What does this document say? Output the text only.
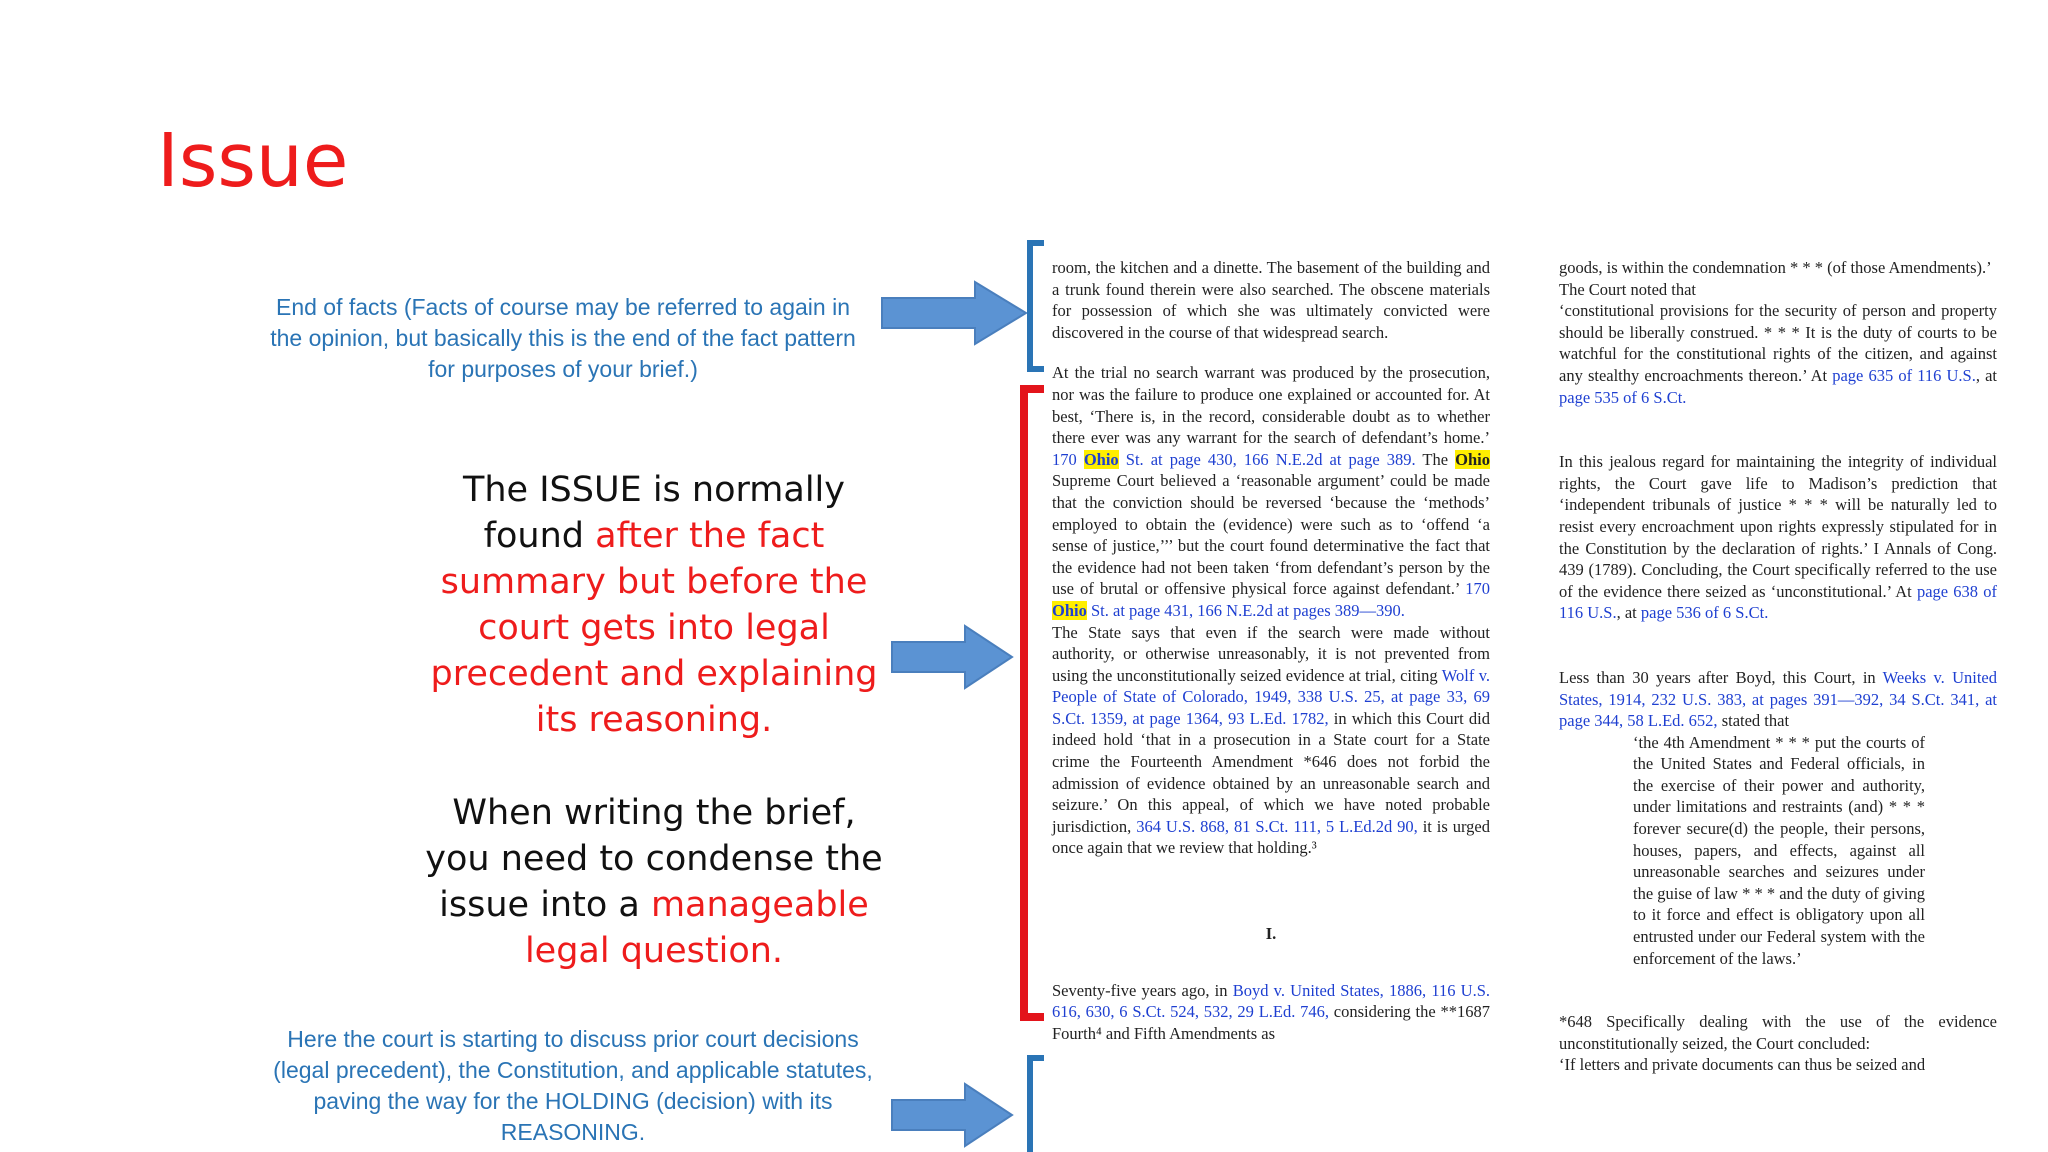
Issue
End of facts (Facts of course may be referred to again in the opinion, but basically this is the end of the fact pattern for purposes of your brief.)
The ISSUE is normally found after the fact summary but before the court gets into legal precedent and explaining its reasoning.
When writing the brief, you need to condense the issue into a manageable legal question.
Here the court is starting to discuss prior court decisions (legal precedent), the Constitution, and applicable statutes, paving the way for the HOLDING (decision) with its REASONING.

room, the kitchen and a dinette. The basement of the building and a trunk found therein were also searched. The obscene materials for possession of which she was ultimately convicted were discovered in the course of that widespread search.

At the trial no search warrant was produced by the prosecution, nor was the failure to produce one explained or accounted for. At best, ‘There is, in the record, considerable doubt as to whether there ever was any warrant for the search of defendant’s home.’ 170 Ohio St. at page 430, 166 N.E.2d at page 389. The Ohio Supreme Court believed a ‘reasonable argument’ could be made that the conviction should be reversed ‘because the ‘methods’ employed to obtain the (evidence) were such as to ‘offend ‘a sense of justice,’’’ but the court found determinative the fact that the evidence had not been taken ‘from defendant’s person by the use of brutal or offensive physical force against defendant.’ 170 Ohio St. at page 431, 166 N.E.2d at pages 389—390.

The State says that even if the search were made without authority, or otherwise unreasonably, it is not prevented from using the unconstitutionally seized evidence at trial, citing Wolf v. People of State of Colorado, 1949, 338 U.S. 25, at page 33, 69 S.Ct. 1359, at page 1364, 93 L.Ed. 1782, in which this Court did indeed hold ‘that in a prosecution in a State court for a State crime the Fourteenth Amendment *646 does not forbid the admission of evidence obtained by an unreasonable search and seizure.’ On this appeal, of which we have noted probable jurisdiction, 364 U.S. 868, 81 S.Ct. 111, 5 L.Ed.2d 90, it is urged once again that we review that holding.³

I.

Seventy-five years ago, in Boyd v. United States, 1886, 116 U.S. 616, 630, 6 S.Ct. 524, 532, 29 L.Ed. 746, considering the **1687 Fourth⁴ and Fifth Amendments as

goods, is within the condemnation * * * (of those Amendments).’

The Court noted that

‘constitutional provisions for the security of person and property should be liberally construed. * * * It is the duty of courts to be watchful for the constitutional rights of the citizen, and against any stealthy encroachments thereon.’ At page 635 of 116 U.S., at page 535 of 6 S.Ct.

In this jealous regard for maintaining the integrity of individual rights, the Court gave life to Madison’s prediction that ‘independent tribunals of justice * * * will be naturally led to resist every encroachment upon rights expressly stipulated for in the Constitution by the declaration of rights.’ I Annals of Cong. 439 (1789). Concluding, the Court specifically referred to the use of the evidence there seized as ‘unconstitutional.’ At page 638 of 116 U.S., at page 536 of 6 S.Ct.

Less than 30 years after Boyd, this Court, in Weeks v. United States, 1914, 232 U.S. 383, at pages 391—392, 34 S.Ct. 341, at page 344, 58 L.Ed. 652, stated that

‘the 4th Amendment * * * put the courts of the United States and Federal officials, in the exercise of their power and authority, under limitations and restraints (and) * * * forever secure(d) the people, their persons, houses, papers, and effects, against all unreasonable searches and seizures under the guise of law * * * and the duty of giving to it force and effect is obligatory upon all entrusted under our Federal system with the enforcement of the laws.’

*648 Specifically dealing with the use of the evidence unconstitutionally seized, the Court concluded:

‘If letters and private documents can thus be seized and
